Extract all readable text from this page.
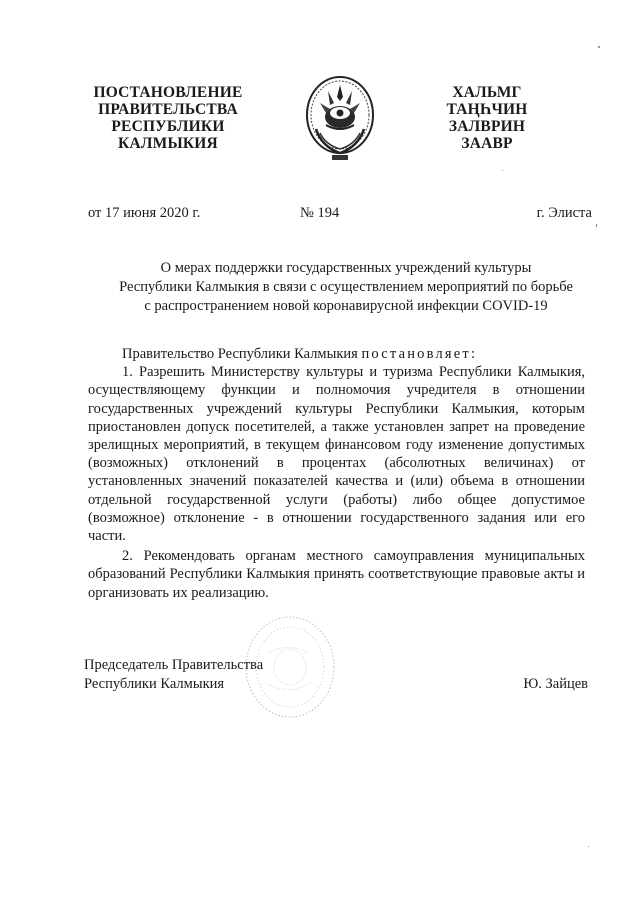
ПОСТАНОВЛЕНИЕ
ПРАВИТЕЛЬСТВА
РЕСПУБЛИКИ
КАЛМЫКИЯ
ХАЛЬМГ
ТАҢҺЧИН
ЗАЛВРИН
ЗААВР
от 17 июня 2020 г.	№ 194	г. Элиста
О мерах поддержки государственных учреждений культуры
Республики Калмыкия в связи с осуществлением мероприятий по борьбе
с распространением новой коронавирусной инфекции COVID-19

Правительство Республики Калмыкия постановляет:

1. Разрешить Министерству культуры и туризма Республики Калмыкия, осуществляющему функции и полномочия учредителя в отношении государственных учреждений культуры Республики Калмыкия, которым приостановлен допуск посетителей, а также установлен запрет на проведение зрелищных мероприятий, в текущем финансовом году изменение допустимых (возможных) отклонений в процентах (абсолютных величинах) от установленных значений показателей качества и (или) объема в отношении отдельной государственной услуги (работы) либо общее допустимое (возможное) отклонение - в отношении государственного задания или его части.

2. Рекомендовать органам местного самоуправления муниципальных образований Республики Калмыкия принять соответствующие правовые акты и организовать их реализацию.

Председатель Правительства
Республики Калмыкия	Ю. Зайцев
